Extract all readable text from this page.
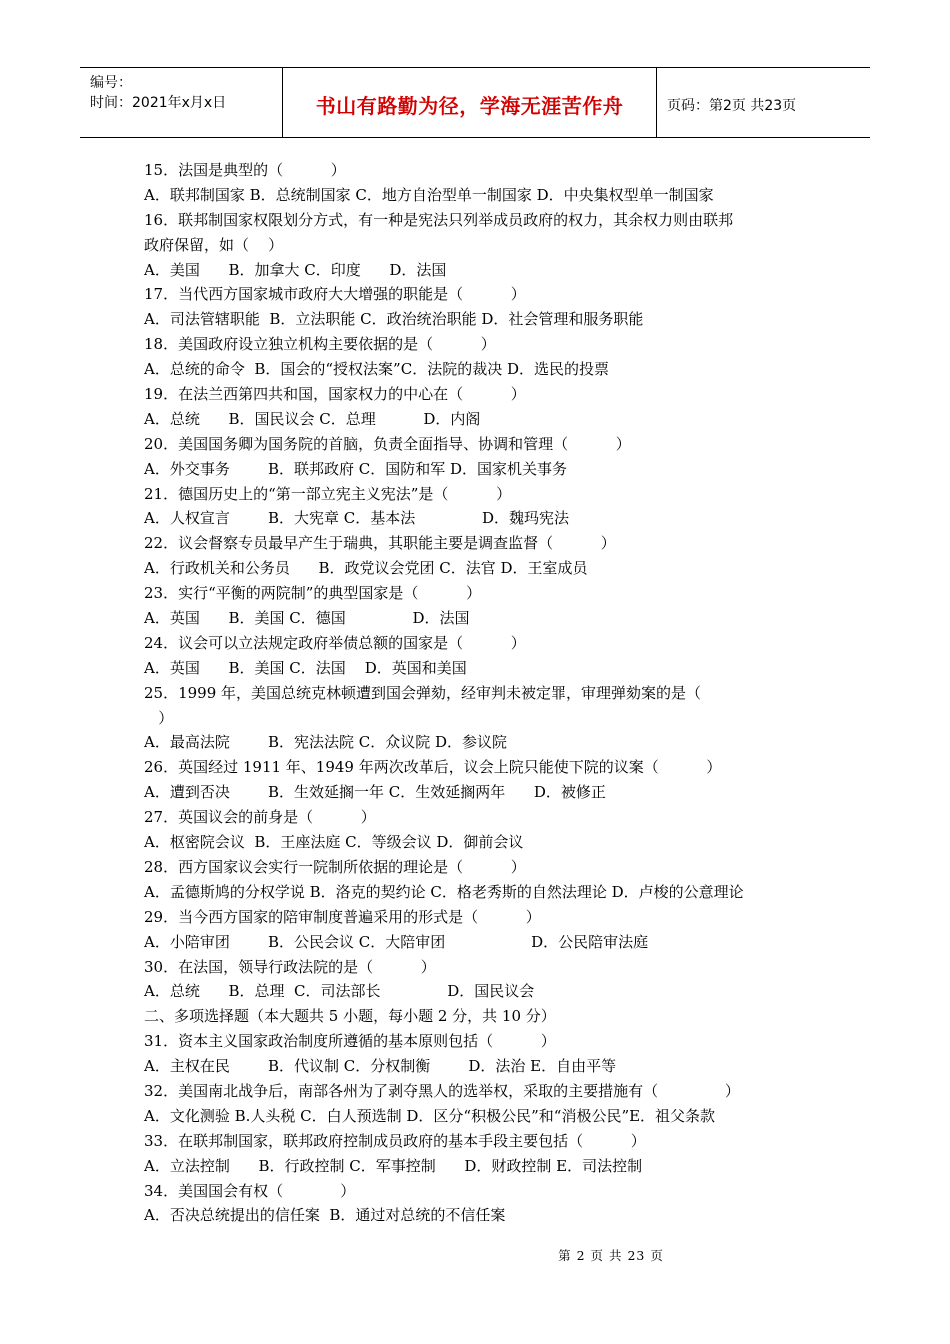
编号：
时间：2021年x月x日	书山有路勤为径，学海无涯苦作舟	页码：第2页 共23页
15．法国是典型的（          ）
A．联邦制国家 B．总统制国家 C．地方自治型单一制国家 D．中央集权型单一制国家
16．联邦制国家权限划分方式，有一种是宪法只列举成员政府的权力，其余权力则由联邦
政府保留，如（    ）
A．美国      B．加拿大 C．印度      D．法国
17．当代西方国家城市政府大大增强的职能是（          ）
A．司法管辖职能  B．立法职能 C．政治统治职能 D．社会管理和服务职能
18．美国政府设立独立机构主要依据的是（          ）
A．总统的命令  B．国会的“授权法案”C．法院的裁决 D．选民的投票
19．在法兰西第四共和国，国家权力的中心在（          ）
A．总统      B．国民议会 C．总理          D．内阁
20．美国国务卿为国务院的首脑，负责全面指导、协调和管理（          ）
A．外交事务        B．联邦政府 C．国防和军 D．国家机关事务
21．德国历史上的“第一部立宪主义宪法”是（          ）
A．人权宣言        B．大宪章 C．基本法              D．魏玛宪法
22．议会督察专员最早产生于瑞典，其职能主要是调查监督（          ）
A．行政机关和公务员      B．政党议会党团 C．法官 D．王室成员
23．实行“平衡的两院制”的典型国家是（          ）
A．英国      B．美国 C．德国              D．法国
24．议会可以立法规定政府举债总额的国家是（          ）
A．英国      B．美国 C．法国    D．英国和美国
25．1999 年，美国总统克林顿遭到国会弹劾，经审判未被定罪，审理弹劾案的是（
）
A．最高法院        B．宪法法院 C．众议院 D．参议院
26．英国经过 1911 年、1949 年两次改革后，议会上院只能使下院的议案（          ）
A．遭到否决        B．生效延搁一年 C．生效延搁两年      D．被修正
27．英国议会的前身是（          ）
A．枢密院会议  B．王座法庭 C．等级会议 D．御前会议
28．西方国家议会实行一院制所依据的理论是（          ）
A．孟德斯鸠的分权学说 B．洛克的契约论 C．格老秀斯的自然法理论 D．卢梭的公意理论
29．当今西方国家的陪审制度普遍采用的形式是（          ）
A．小陪审团        B．公民会议 C．大陪审团                  D．公民陪审法庭
30．在法国，领导行政法院的是（          ）
A．总统      B．总理  C．司法部长              D．国民议会
二、多项选择题（本大题共 5 小题，每小题 2 分，共 10 分）
31．资本主义国家政治制度所遵循的基本原则包括（          ）
A．主权在民        B．代议制 C．分权制衡        D．法治 E．自由平等
32．美国南北战争后，南部各州为了剥夺黑人的选举权，采取的主要措施有（              ）
A．文化测验 B.人头税 C．白人预选制 D．区分“积极公民”和“消极公民”E．祖父条款
33．在联邦制国家，联邦政府控制成员政府的基本手段主要包括（          ）
A．立法控制      B．行政控制 C．军事控制      D．财政控制 E．司法控制
34．美国国会有权（            ）
A．否决总统提出的信任案  B．通过对总统的不信任案
第 2 页 共 23 页
